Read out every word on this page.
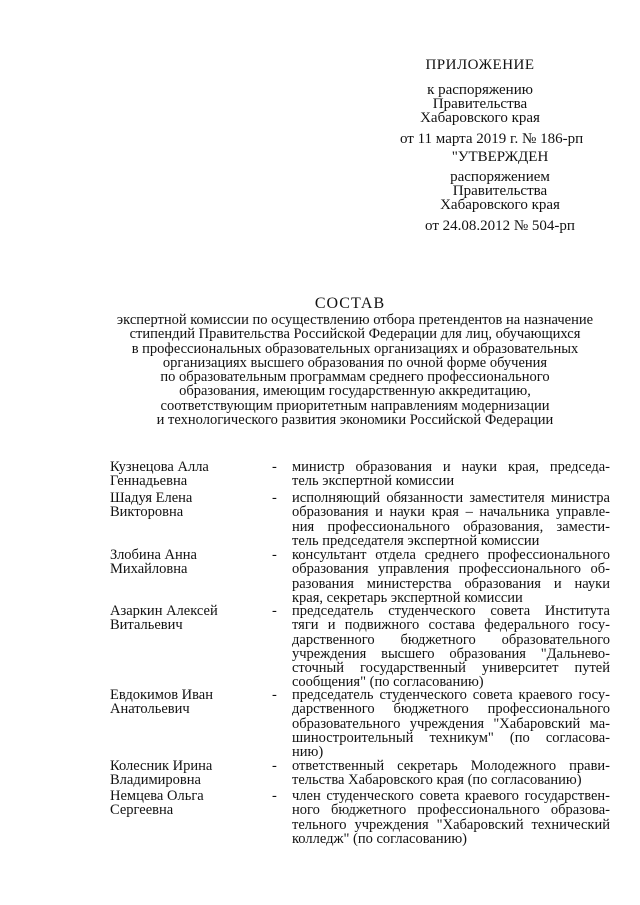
ПРИЛОЖЕНИЕ
к распоряжению
Правительства
Хабаровского края
от 11 марта 2019 г. № 186-рп
"УТВЕРЖДЕН
распоряжением
Правительства
Хабаровского края
от 24.08.2012 № 504-рп
СОСТАВ
экспертной комиссии по осуществлению отбора претендентов на назначение
стипендий Правительства Российской Федерации для лиц, обучающихся
в профессиональных образовательных организациях и образовательных
организациях высшего образования по очной форме обучения
по образовательным программам среднего профессионального
образования, имеющим государственную аккредитацию,
соответствующим приоритетным направлениям модернизации
и технологического развития экономики Российской Федерации
Кузнецова Алла
Геннадьевна
- министр образования и науки края, председа-
тель экспертной комиссии
Шадуя Елена
Викторовна
- исполняющий обязанности заместителя министра
образования и науки края – начальника управле-
ния профессионального образования, замести-
тель председателя экспертной комиссии
Злобина Анна
Михайловна
- консультант отдела среднего профессионального
образования управления профессионального об-
разования министерства образования и науки
края, секретарь экспертной комиссии
Азаркин Алексей
Витальевич
- председатель студенческого совета Института
тяги и подвижного состава федерального госу-
дарственного бюджетного образовательного
учреждения высшего образования "Дальнево-
сточный государственный университет путей
сообщения" (по согласованию)
Евдокимов Иван
Анатольевич
- председатель студенческого совета краевого госу-
дарственного бюджетного профессионального
образовательного учреждения "Хабаровский ма-
шиностроительный техникум" (по согласова-
нию)
Колесник Ирина
Владимировна
- ответственный секретарь Молодежного прави-
тельства Хабаровского края (по согласованию)
Немцева Ольга
Сергеевна
- член студенческого совета краевого государствен-
ного бюджетного профессионального образова-
тельного учреждения "Хабаровский технический
колледж" (по согласованию)
